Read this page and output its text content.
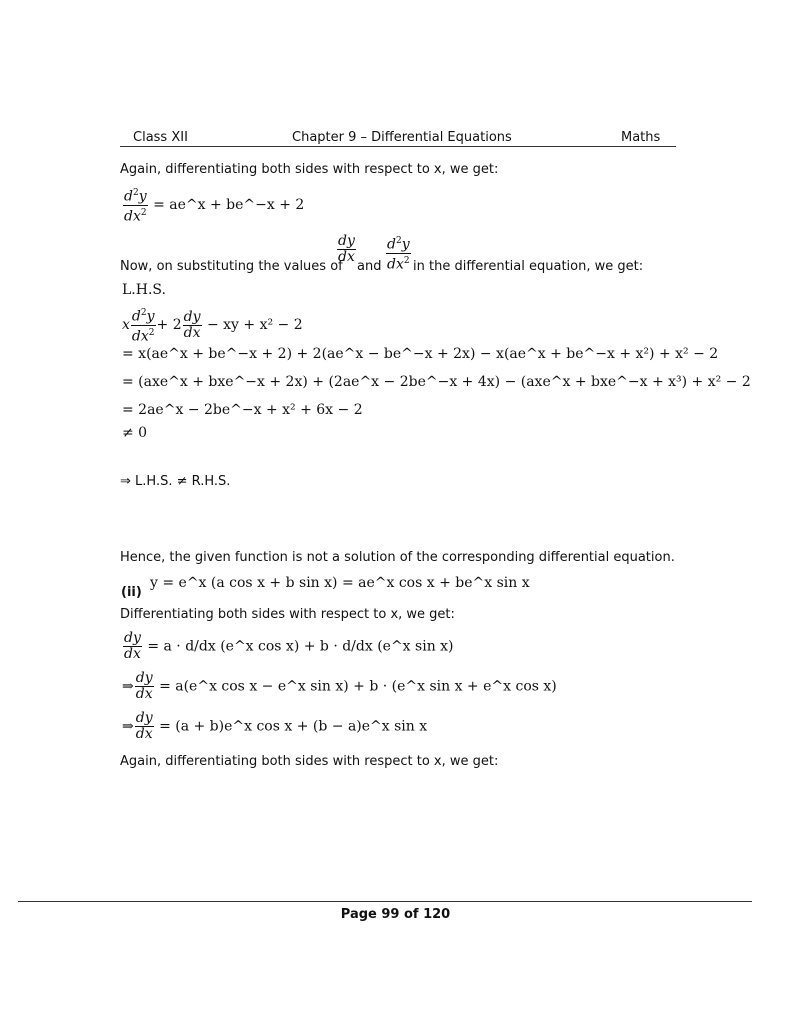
Class XII	Chapter 9 – Differential Equations	Maths
Again, differentiating both sides with respect to x, we get:
$\frac{d^2y}{dx^2}$ = ae^x + be^−x + 2
Now, on substituting the values of
$\frac{dy}{dx}$
and $\frac{d^2y}{dx^2}$ in the differential equation, we get:
L.H.S.
x $\frac{d^2y}{dx^2} + 2 \frac{dy}{dx}$ − xy + x² − 2
= x(ae^x + be^−x + 2) + 2(ae^x − be^−x + 2x) − x(ae^x + be^−x + x²) + x² − 2
= (axe^x + bxe^−x + 2x) + (2ae^x − 2be^−x + 4x) − (axe^x + bxe^−x + x³) + x² − 2
= 2ae^x − 2be^−x + x² + 6x − 2
≠ 0
⇒ L.H.S. ≠ R.H.S.
Hence, the given function is not a solution of the corresponding differential equation.
(ii)
y = e^x (a cos x + b sin x) = ae^x cos x + be^x sin x
Differentiating both sides with respect to x, we get:
$\frac{dy}{dx} = a \cdot d/dx$ (e^x cos x) + b · d/dx (e^x sin x)
⇒ $\frac{dy}{dx}$ = a(e^x cos x − e^x sin x) + b · (e^x sin x + e^x cos x)
⇒ $\frac{dy}{dx} = (a$ + b)e^x cos x + (b − a)e^x sin x
Again, differentiating both sides with respect to x, we get:
Page 99 of 120
